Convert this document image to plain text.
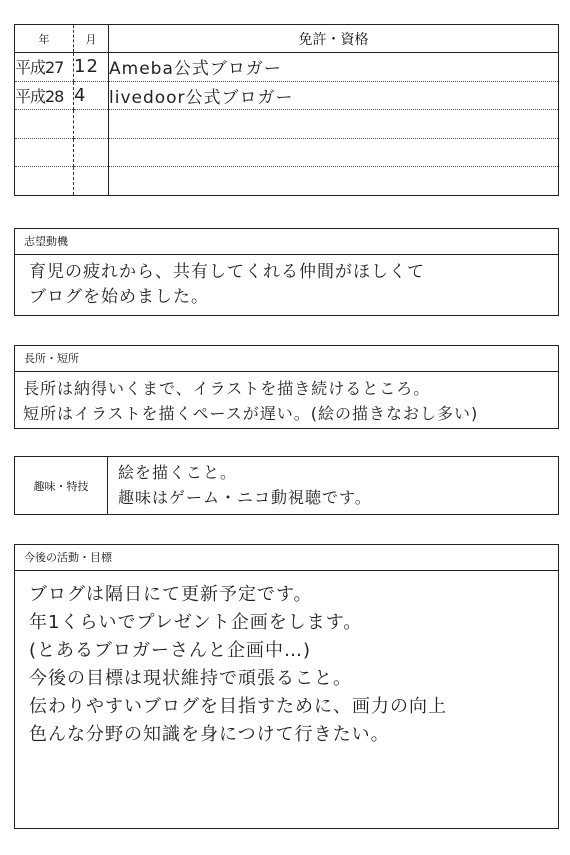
年	月	免許・資格
平成27	12	Ameba公式ブロガー
平成28	4	livedoor公式ブロガー

志望動機
育児の疲れから、共有してくれる仲間がほしくて
ブログを始めました。
長所・短所
長所は納得いくまで、イラストを描き続けるところ。
短所はイラストを描くペースが遅い。(絵の描きなおし多い)
趣味・特技
絵を描くこと。
趣味はゲーム・ニコ動視聴です。
今後の活動・目標
ブログは隔日にて更新予定です。
年1くらいでプレゼント企画をします。
(とあるブロガーさんと企画中…)
今後の目標は現状維持で頑張ること。
伝わりやすいブログを目指すために、画力の向上
色んな分野の知識を身につけて行きたい。
